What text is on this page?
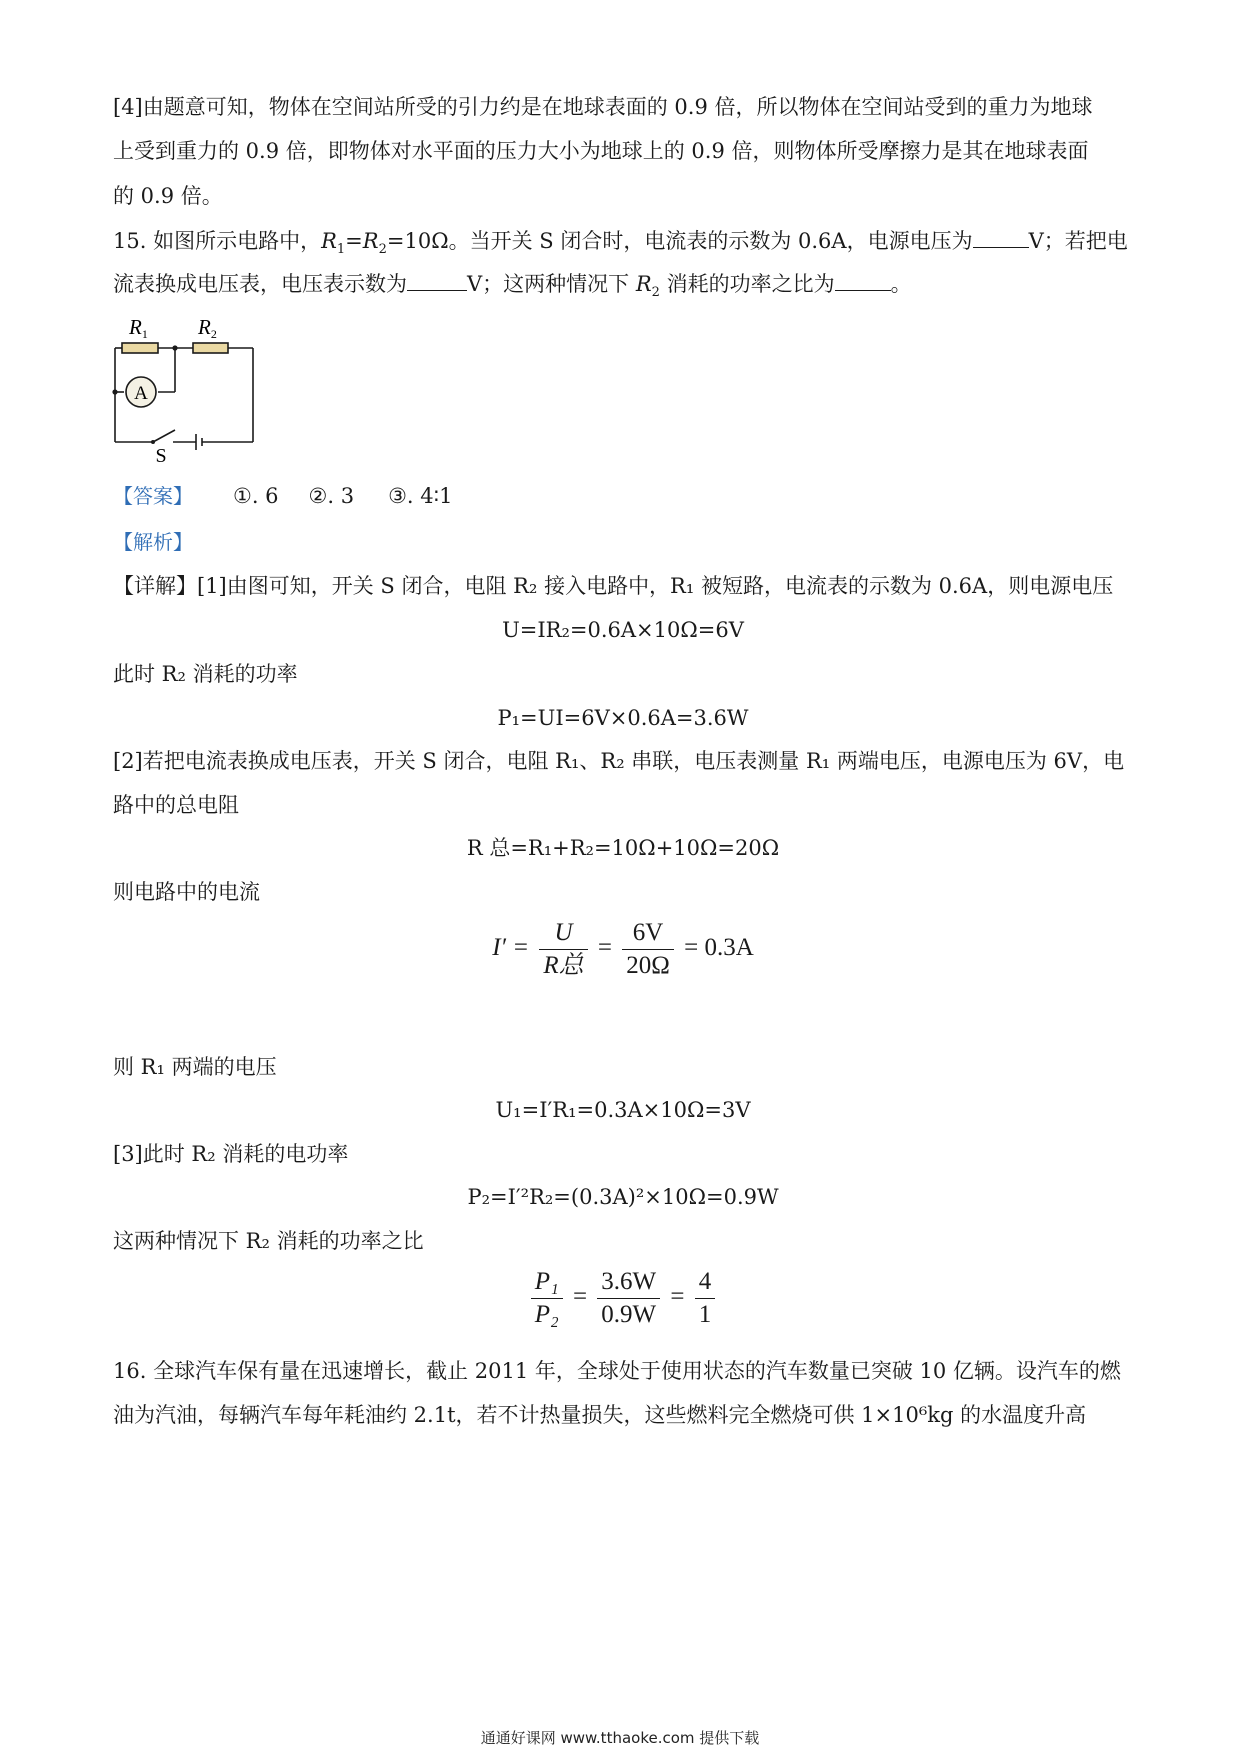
[4]由题意可知，物体在空间站所受的引力约是在地球表面的 0.9 倍，所以物体在空间站受到的重力为地球
上受到重力的 0.9 倍，即物体对水平面的压力大小为地球上的 0.9 倍，则物体所受摩擦力是其在地球表面
的 0.9 倍。
15. 如图所示电路中，$R_1=R_2=10\Omega$。当开关 S 闭合时，电流表的示数为 0.6A，电源电压为	V；若把电
流表换成电压表，电压表示数为	V；这两种情况下 $R_2$ 消耗的功率之比为	。
A
R1 R2
S
【答案】 ①. 6 ②. 3 ③. 4∶1
【解析】
【详解】[1]由图可知，开关 S 闭合，电阻 R₂ 接入电路中，R₁ 被短路，电流表的示数为 0.6A，则电源电压
U=IR₂=0.6A×10Ω=6V
此时 R₂ 消耗的功率
P₁=UI=6V×0.6A=3.6W
[2]若把电流表换成电压表，开关 S 闭合，电阻 R₁、R₂ 串联，电压表测量 R₁ 两端电压，电源电压为 6V，电
路中的总电阻
R 总=R₁+R₂=10Ω+10Ω=20Ω
则电路中的电流
$I' = \frac{U}{\text{R总}} = \frac{6V}{20\Omega} = 0.3A$
则 R₁ 两端的电压
U₁=I′R₁=0.3A×10Ω=3V
[3]此时 R₂ 消耗的电功率
P₂=I′²R₂=(0.3A)²×10Ω=0.9W
这两种情况下 R₂ 消耗的功率之比
$\frac{\text{P₁}}{\text{P₂}} = \frac{3.6W}{0.9W} = \frac{4}{1}$
16. 全球汽车保有量在迅速增长，截止 2011 年，全球处于使用状态的汽车数量已突破 10 亿辆。设汽车的燃
油为汽油，每辆汽车每年耗油约 2.1t，若不计热量损失，这些燃料完全燃烧可供 1×10⁶kg 的水温度升高
通通好课网 www.tthaoke.com 提供下载
